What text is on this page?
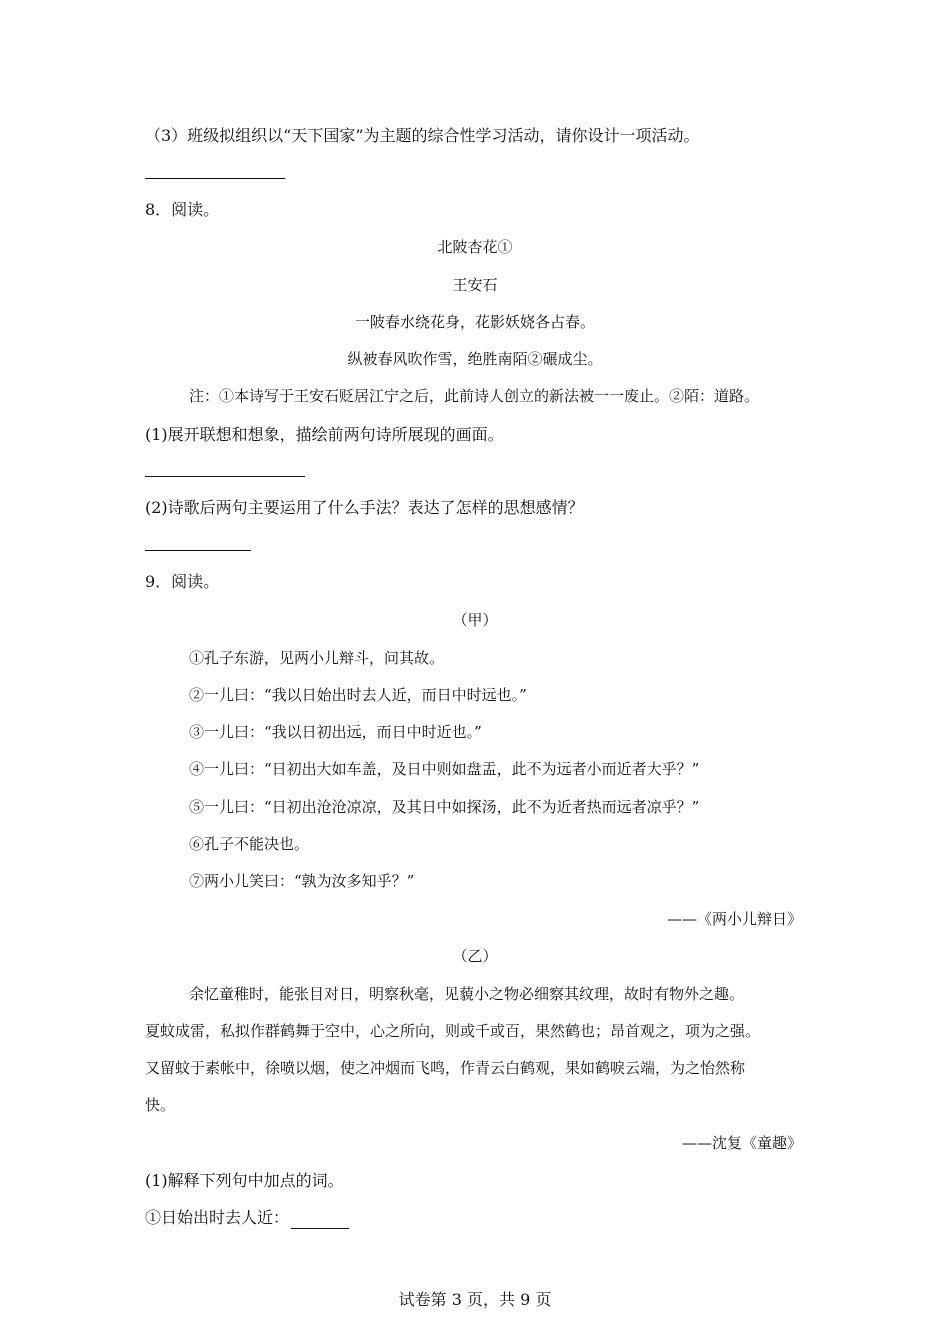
（3）班级拟组织以“天下国家”为主题的综合性学习活动，请你设计一项活动。
8．阅读。
北陂杏花①
王安石
一陂春水绕花身，花影妖娆各占春。
纵被春风吹作雪，绝胜南陌②碾成尘。
注：①本诗写于王安石贬居江宁之后，此前诗人创立的新法被一一废止。②陌：道路。
(1)展开联想和想象，描绘前两句诗所展现的画面。
(2)诗歌后两句主要运用了什么手法？表达了怎样的思想感情？
9．阅读。
（甲）
①孔子东游，见两小儿辩斗，问其故。
②一儿曰：“我以日始出时去人近，而日中时远也。”
③一儿曰：“我以日初出远，而日中时近也。”
④一儿曰：“日初出大如车盖，及日中则如盘盂，此不为远者小而近者大乎？”
⑤一儿曰：“日初出沧沧凉凉，及其日中如探汤，此不为近者热而远者凉乎？”
⑥孔子不能决也。
⑦两小儿笑曰：“孰为汝多知乎？”
——《两小儿辩日》
（乙）
余忆童稚时，能张目对日，明察秋毫，见藐小之物必细察其纹理，故时有物外之趣。
夏蚊成雷，私拟作群鹤舞于空中，心之所向，则或千或百，果然鹤也；昂首观之，项为之强。
又留蚊于素帐中，徐喷以烟，使之冲烟而飞鸣，作青云白鹤观，果如鹤唳云端，为之怡然称
快。
——沈复《童趣》
(1)解释下列句中加点的词。
①日始出时去人近：
试卷第 3 页，共 9 页
